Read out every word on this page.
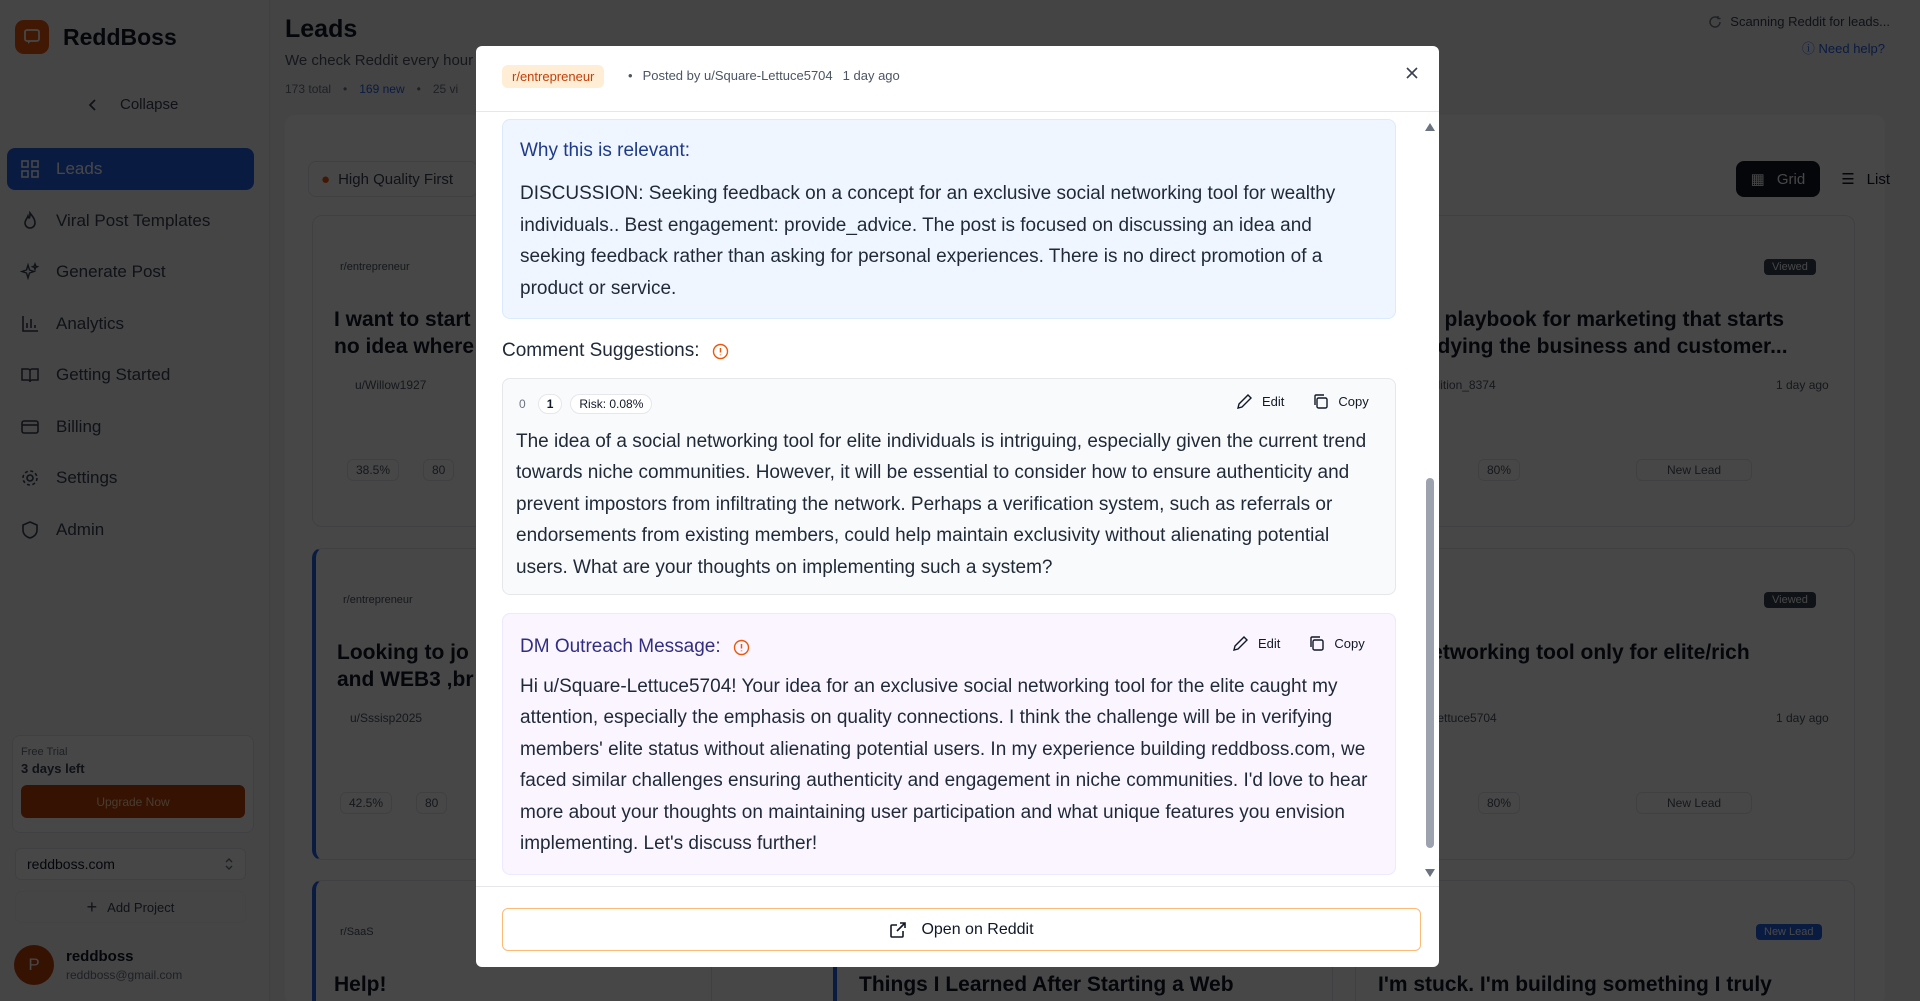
r/entrepreneur	• Posted by u/Square-Lettuce5704 1 day ago
Why this is relevant:
DISCUSSION: Seeking feedback on a concept for an exclusive social networking tool for wealthy individuals.. Best engagement: provide_advice. The post is focused on discussing an idea and seeking feedback rather than asking for personal experiences. There is no direct promotion of a product or service.
Comment Suggestions:
0	1	Risk: 0.08%	Edit	Copy
The idea of a social networking tool for elite individuals is intriguing, especially given the current trend towards niche communities. However, it will be essential to consider how to ensure authenticity and prevent impostors from infiltrating the network. Perhaps a verification system, such as referrals or endorsements from existing members, could help maintain exclusivity without alienating potential users. What are your thoughts on implementing such a system?
DM Outreach Message:	Edit	Copy
Hi u/Square-Lettuce5704! Your idea for an exclusive social networking tool for the elite caught my attention, especially the emphasis on quality connections. I think the challenge will be in verifying members' elite status without alienating potential users. In my experience building reddboss.com, we faced similar challenges ensuring authenticity and engagement in niche communities. I'd love to hear more about your thoughts on maintaining user participation and what unique features you envision implementing. Let's discuss further!
Open on Reddit
